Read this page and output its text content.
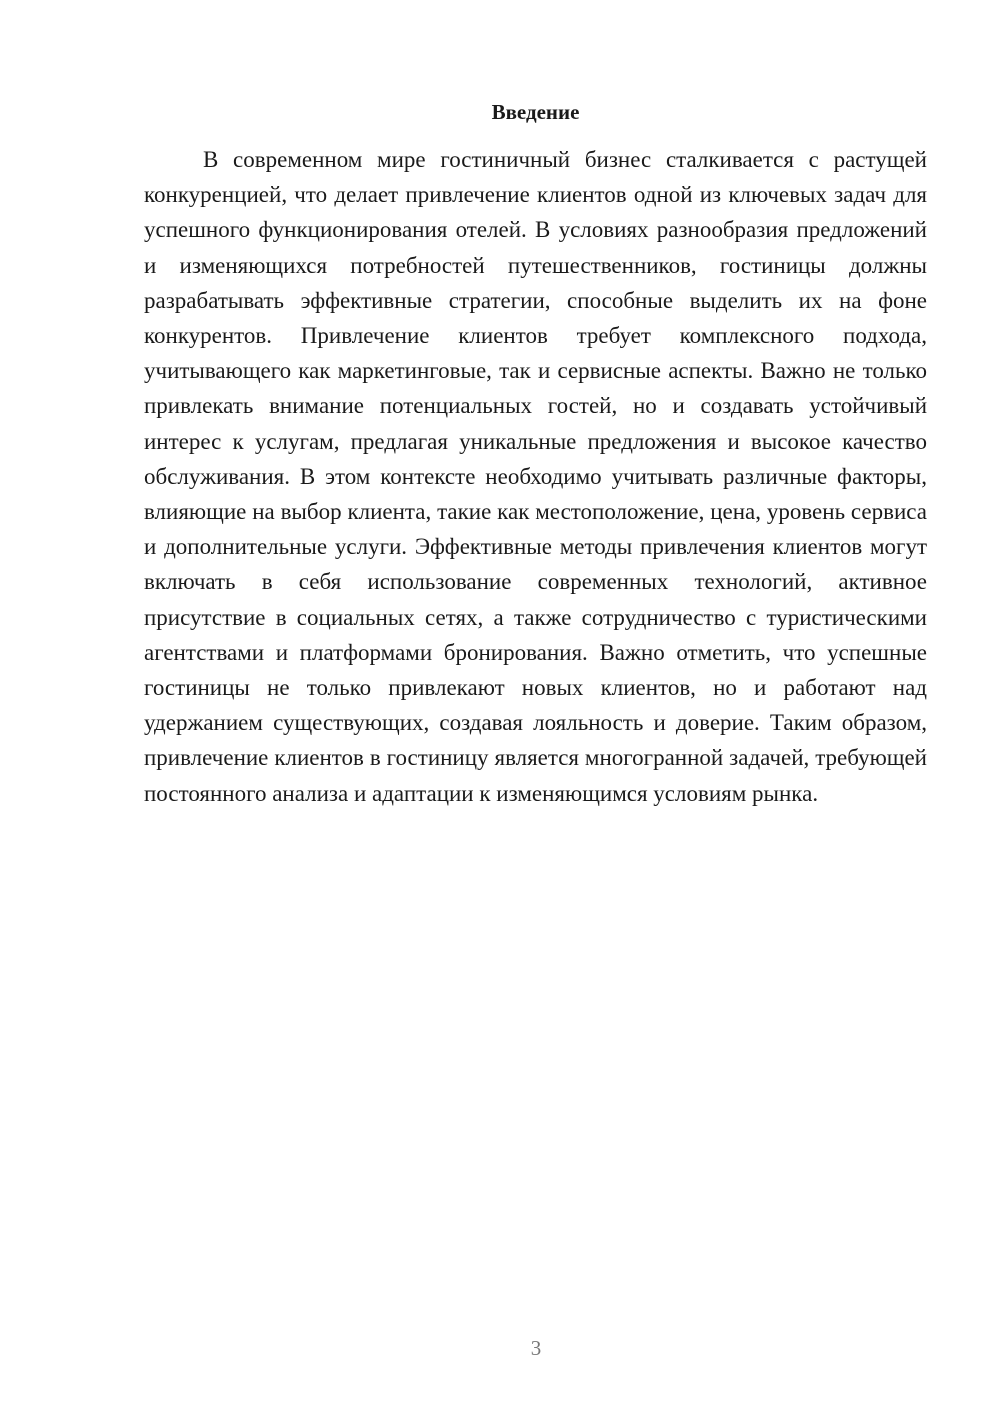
Введение

В современном мире гостиничный бизнес сталкивается с растущей конкуренцией, что делает привлечение клиентов одной из ключевых задач для успешного функционирования отелей. В условиях разнообразия предложений и изменяющихся потребностей путешественников, гостиницы должны разрабатывать эффективные стратегии, способные выделить их на фоне конкурентов. Привлечение клиентов требует комплексного подхода, учитывающего как маркетинговые, так и сервисные аспекты. Важно не только привлекать внимание потенциальных гостей, но и создавать устойчивый интерес к услугам, предлагая уникальные предложения и высокое качество обслуживания. В этом контексте необходимо учитывать различные факторы, влияющие на выбор клиента, такие как местоположение, цена, уровень сервиса и дополнительные услуги. Эффективные методы привлечения клиентов могут включать в себя использование современных технологий, активное присутствие в социальных сетях, а также сотрудничество с туристическими агентствами и платформами бронирования. Важно отметить, что успешные гостиницы не только привлекают новых клиентов, но и работают над удержанием существующих, создавая лояльность и доверие. Таким образом, привлечение клиентов в гостиницу является многогранной задачей, требующей постоянного анализа и адаптации к изменяющимся условиям рынка.

3
